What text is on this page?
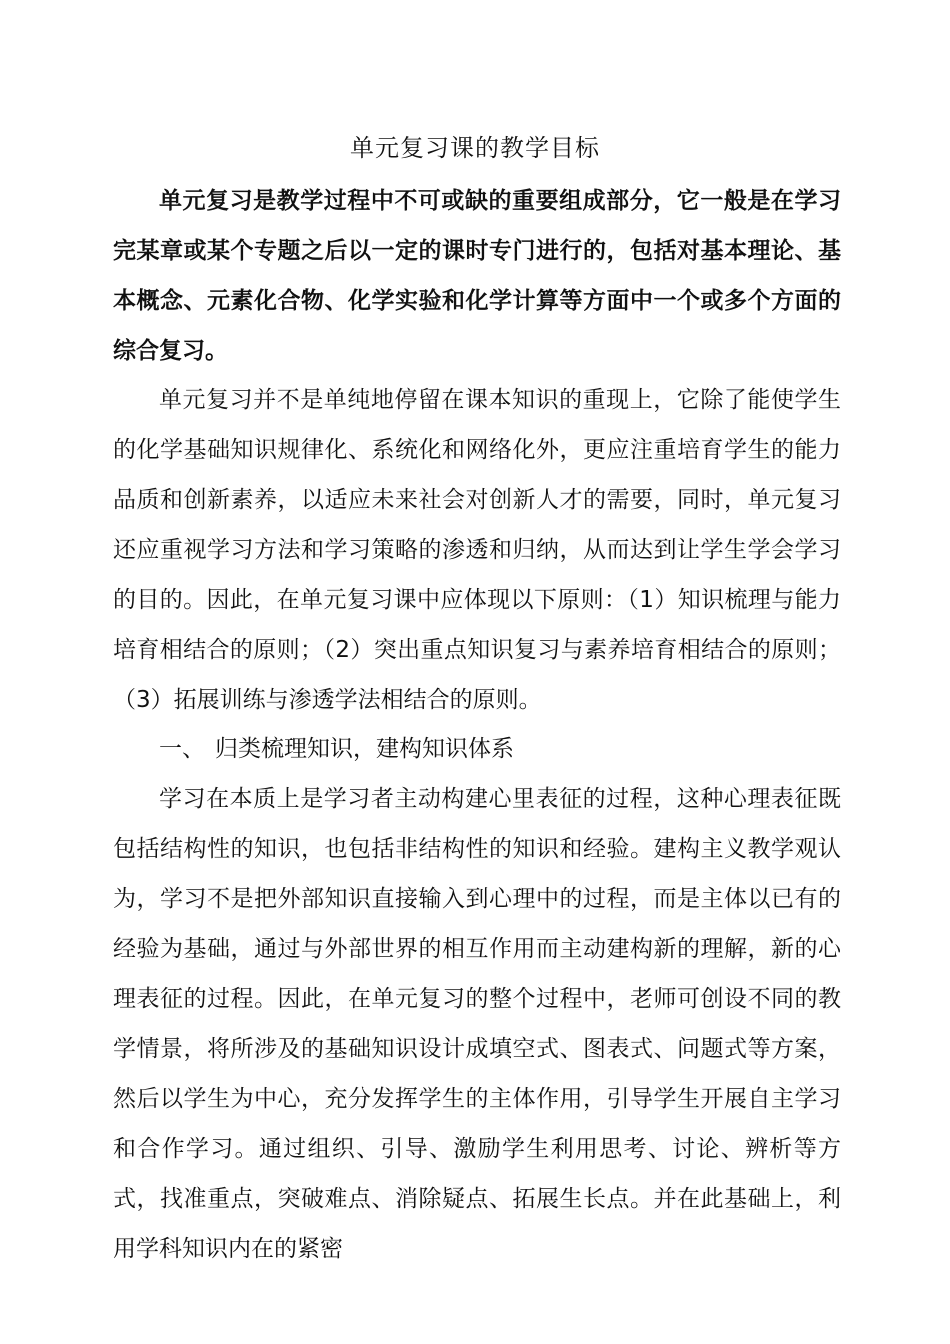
单元复习课的教学目标

单元复习是教学过程中不可或缺的重要组成部分，它一般是在学习完某章或某个专题之后以一定的课时专门进行的，包括对基本理论、基本概念、元素化合物、化学实验和化学计算等方面中一个或多个方面的综合复习。

单元复习并不是单纯地停留在课本知识的重现上，它除了能使学生的化学基础知识规律化、系统化和网络化外，更应注重培育学生的能力品质和创新素养，以适应未来社会对创新人才的需要，同时，单元复习还应重视学习方法和学习策略的渗透和归纳，从而达到让学生学会学习的目的。因此，在单元复习课中应体现以下原则：（1）知识梳理与能力培育相结合的原则；（2）突出重点知识复习与素养培育相结合的原则；（3）拓展训练与渗透学法相结合的原则。

一、 归类梳理知识，建构知识体系

学习在本质上是学习者主动构建心里表征的过程，这种心理表征既包括结构性的知识，也包括非结构性的知识和经验。建构主义教学观认为，学习不是把外部知识直接输入到心理中的过程，而是主体以已有的经验为基础，通过与外部世界的相互作用而主动建构新的理解，新的心理表征的过程。因此，在单元复习的整个过程中，老师可创设不同的教学情景，将所涉及的基础知识设计成填空式、图表式、问题式等方案，然后以学生为中心，充分发挥学生的主体作用，引导学生开展自主学习和合作学习。通过组织、引导、激励学生利用思考、讨论、辨析等方式，找准重点，突破难点、消除疑点、拓展生长点。并在此基础上，利用学科知识内在的紧密
